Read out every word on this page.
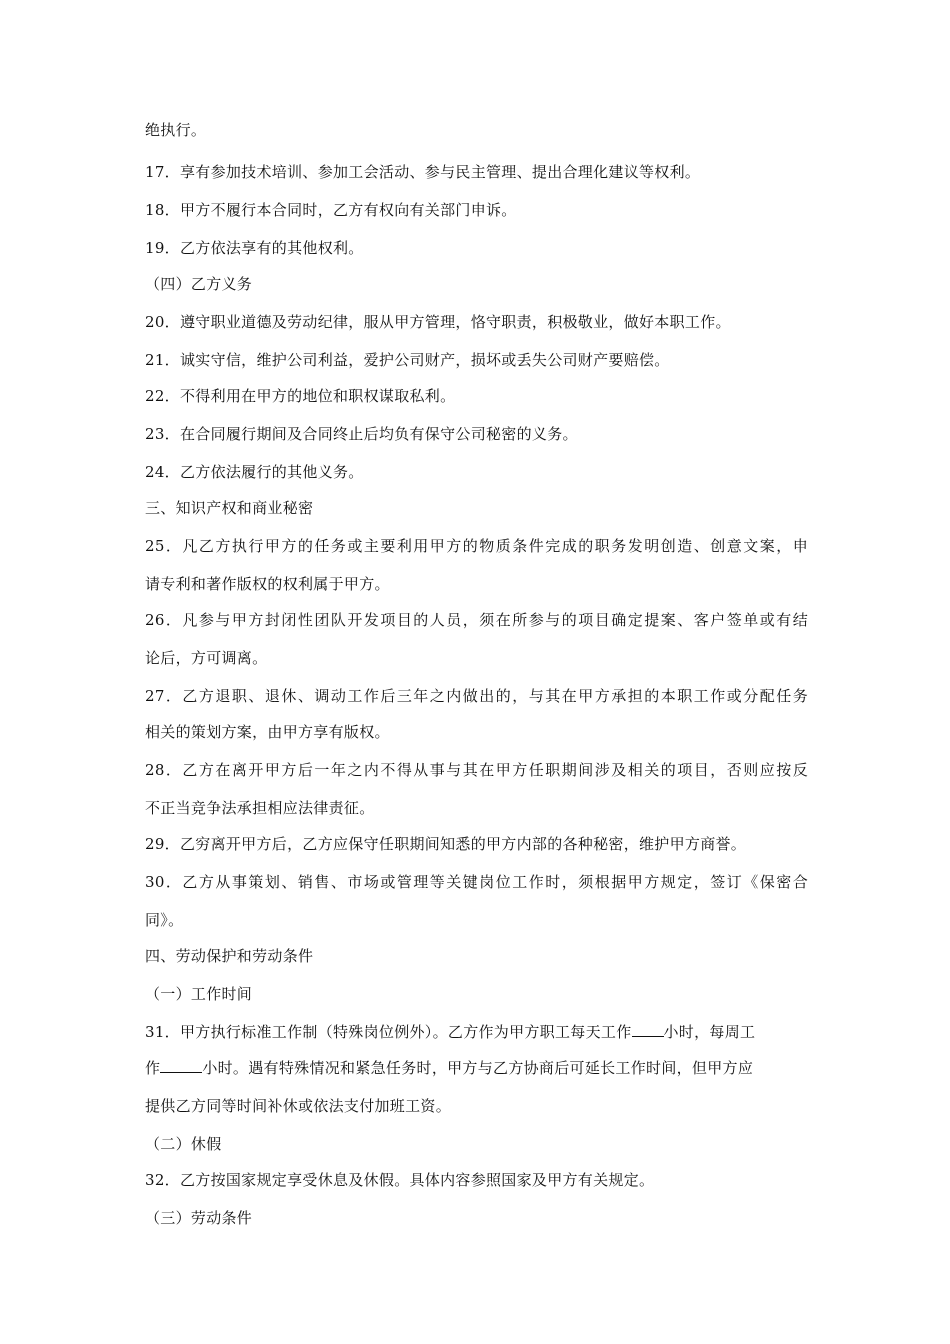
绝执行。
17．享有参加技术培训、参加工会活动、参与民主管理、提出合理化建议等权利。
18．甲方不履行本合同时，乙方有权向有关部门申诉。
19．乙方依法享有的其他权利。
（四）乙方义务
20．遵守职业道德及劳动纪律，服从甲方管理，恪守职责，积极敬业，做好本职工作。
21．诚实守信，维护公司利益，爱护公司财产，损坏或丢失公司财产要赔偿。
22．不得利用在甲方的地位和职权谋取私利。
23．在合同履行期间及合同终止后均负有保守公司秘密的义务。
24．乙方依法履行的其他义务。
三、知识产权和商业秘密
25．凡乙方执行甲方的任务或主要利用甲方的物质条件完成的职务发明创造、创意文案，申
请专利和著作版权的权利属于甲方。
26．凡参与甲方封闭性团队开发项目的人员，须在所参与的项目确定提案、客户签单或有结
论后，方可调离。
27．乙方退职、退休、调动工作后三年之内做出的，与其在甲方承担的本职工作或分配任务
相关的策划方案，由甲方享有版权。
28．乙方在离开甲方后一年之内不得从事与其在甲方任职期间涉及相关的项目，否则应按反
不正当竞争法承担相应法律责征。
29．乙穷离开甲方后，乙方应保守任职期间知悉的甲方内部的各种秘密，维护甲方商誉。
30．乙方从事策划、销售、市场或管理等关键岗位工作时，须根据甲方规定，签订《保密合
同》。
四、劳动保护和劳动条件
（一）工作时间
31．甲方执行标准工作制（特殊岗位例外）。乙方作为甲方职工每天工作 小时，每周工
作	小时。遇有特殊情况和紧急任务时，甲方与乙方协商后可延长工作时间，但甲方应
提供乙方同等时间补休或依法支付加班工资。
（二）休假
32．乙方按国家规定享受休息及休假。具体内容参照国家及甲方有关规定。
（三）劳动条件
